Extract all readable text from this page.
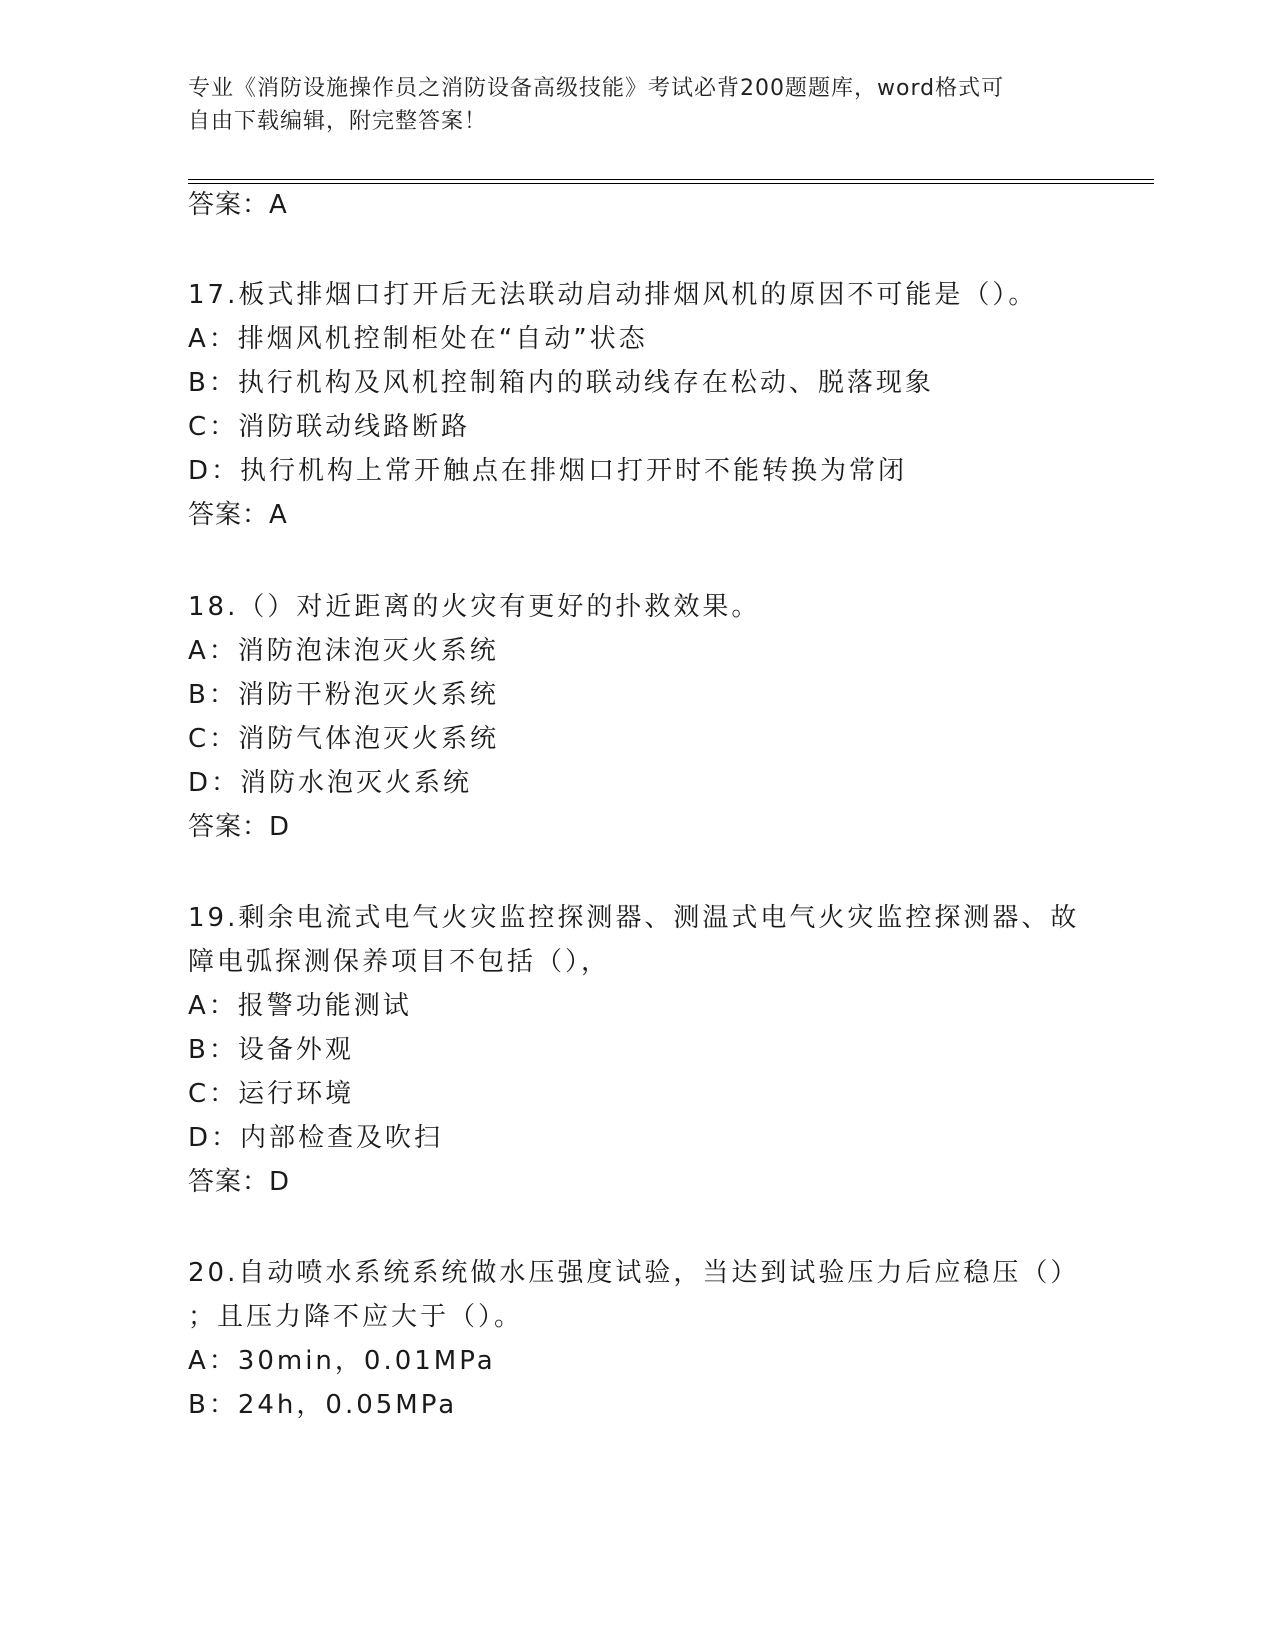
专业《消防设施操作员之消防设备高级技能》考试必背200题题库，word格式可
自由下载编辑，附完整答案！
答案：A
17.板式排烟口打开后无法联动启动排烟风机的原因不可能是（）。
A：排烟风机控制柜处在“自动”状态
B：执行机构及风机控制箱内的联动线存在松动、脱落现象
C：消防联动线路断路
D：执行机构上常开触点在排烟口打开时不能转换为常闭
答案：A
18.（）对近距离的火灾有更好的扑救效果。
A：消防泡沫泡灭火系统
B：消防干粉泡灭火系统
C：消防气体泡灭火系统
D：消防水泡灭火系统
答案：D
19.剩余电流式电气火灾监控探测器、测温式电气火灾监控探测器、故
障电弧探测保养项目不包括（），
A：报警功能测试
B：设备外观
C：运行环境
D：内部检查及吹扫
答案：D
20.自动喷水系统系统做水压强度试验，当达到试验压力后应稳压（）
；且压力降不应大于（）。
A：30min，0.01MPa
B：24h，0.05MPa
